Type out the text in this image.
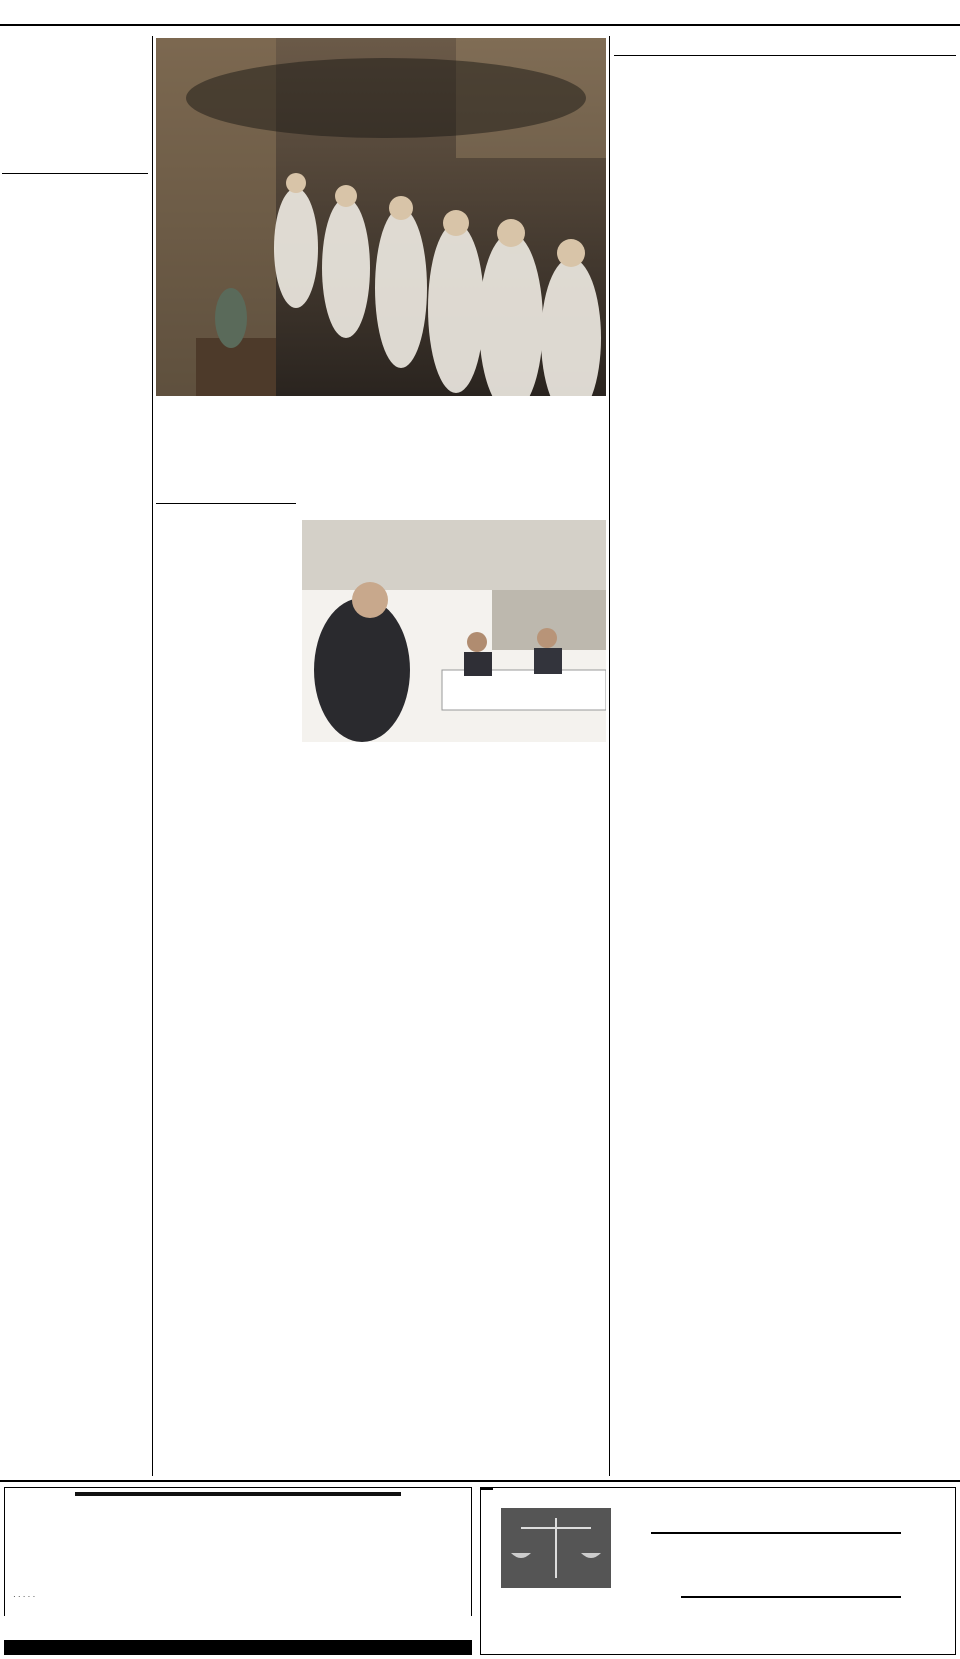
· · · · ·
